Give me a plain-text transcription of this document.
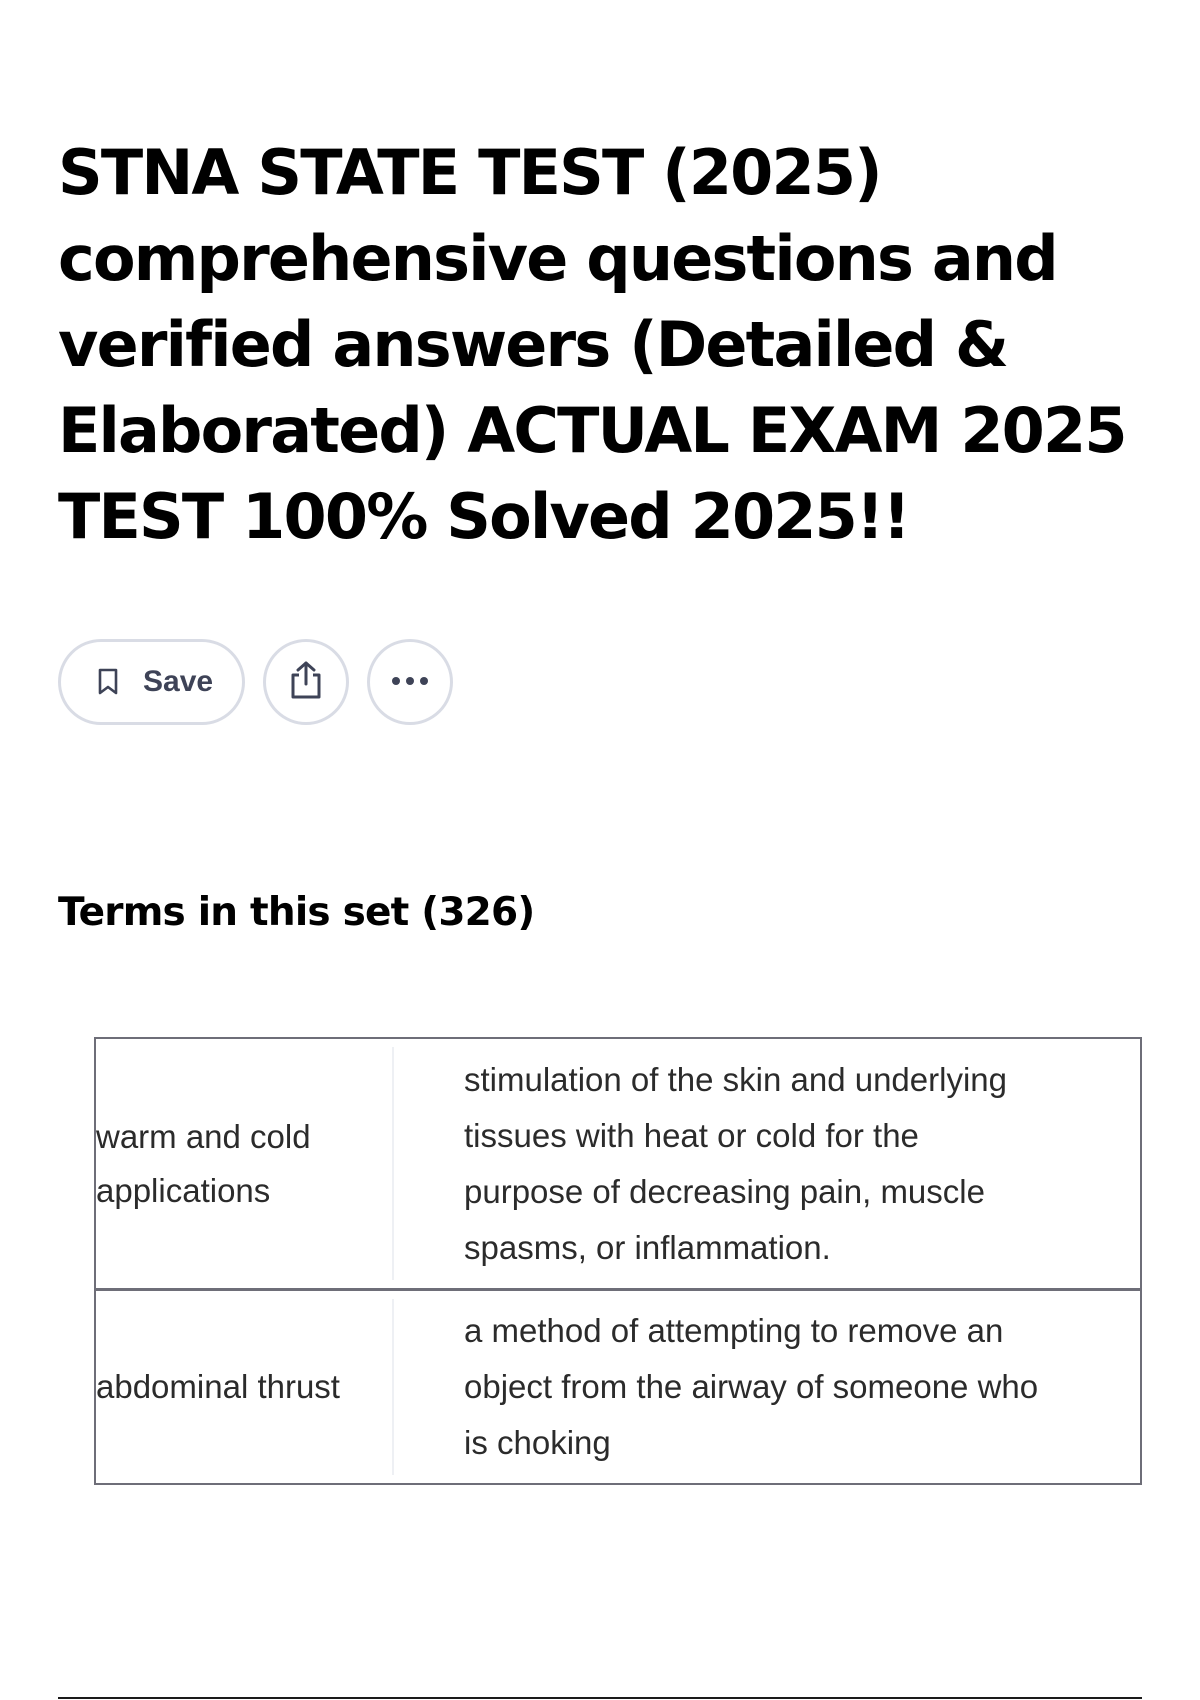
STNA STATE TEST (2025) comprehensive questions and verified answers (Detailed & Elaborated) ACTUAL EXAM 2025 TEST 100% Solved 2025!!
Save
Terms in this set (326)
warm and cold applications
stimulation of the skin and underlying tissues with heat or cold for the purpose of decreasing pain, muscle spasms, or inflammation.
abdominal thrust
a method of attempting to remove an object from the airway of someone who is choking
